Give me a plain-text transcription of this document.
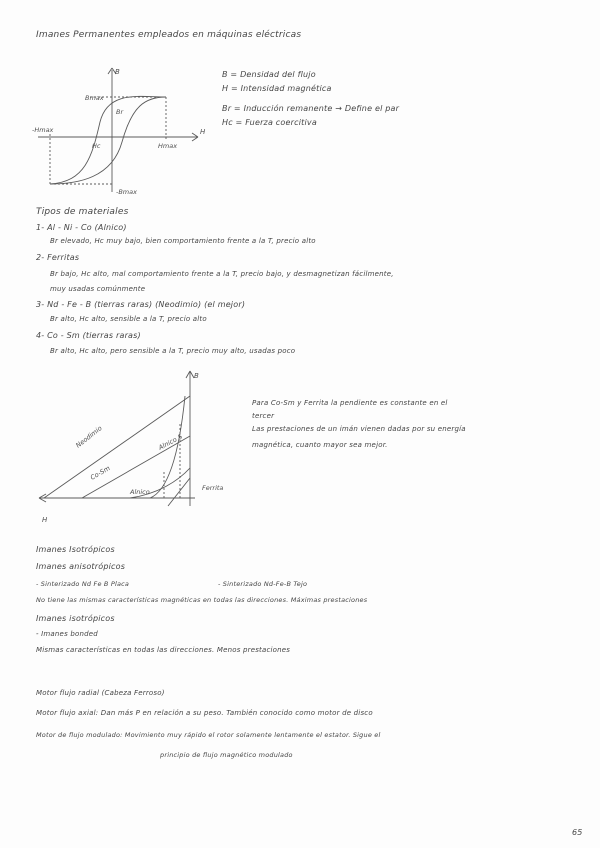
Imanes Permanentes empleados en máquinas eléctricas
B
H
Bmax
Br
Hc
-Hmax
Hmax
-Bmax
B = Densidad del flujo
H = Intensidad magnética
Br = Inducción remanente → Define el par
Hc = Fuerza coercitiva
Tipos de materiales
1- Al - Ni - Co (Alnico)
Br elevado, Hc muy bajo, bien comportamiento frente a la T, precio alto
2- Ferritas
Br bajo, Hc alto, mal comportamiento frente a la T, precio bajo, y desmagnetizan fácilmente,
muy usadas comúnmente
3- Nd - Fe - B (tierras raras) (Neodimio) (el mejor)
Br alto, Hc alto, sensible a la T, precio alto
4- Co - Sm (tierras raras)
Br alto, Hc alto, pero sensible a la T, precio muy alto, usadas poco
B
H
Neodimio
Co-Sm
Alnico 5
Alnico	Ferrita
Para Co-Sm y Ferrita la pendiente es constante en el
tercer
Las prestaciones de un imán vienen dadas por su energía
magnética, cuanto mayor sea mejor.
Imanes Isotrópicos
Imanes anisotrópicos
- Sinterizado Nd Fe B Placa	- Sinterizado Nd-Fe-B Tejo
No tiene las mismas características magnéticas en todas las direcciones. Máximas prestaciones
Imanes isotrópicos
- Imanes bonded
Mismas características en todas las direcciones. Menos prestaciones
Motor flujo radial (Cabeza Ferroso)
Motor flujo axial: Dan más P en relación a su peso. También conocido como motor de disco
Motor de flujo modulado: Movimiento muy rápido el rotor solamente lentamente el estator. Sigue el
principio de flujo magnético modulado
65
